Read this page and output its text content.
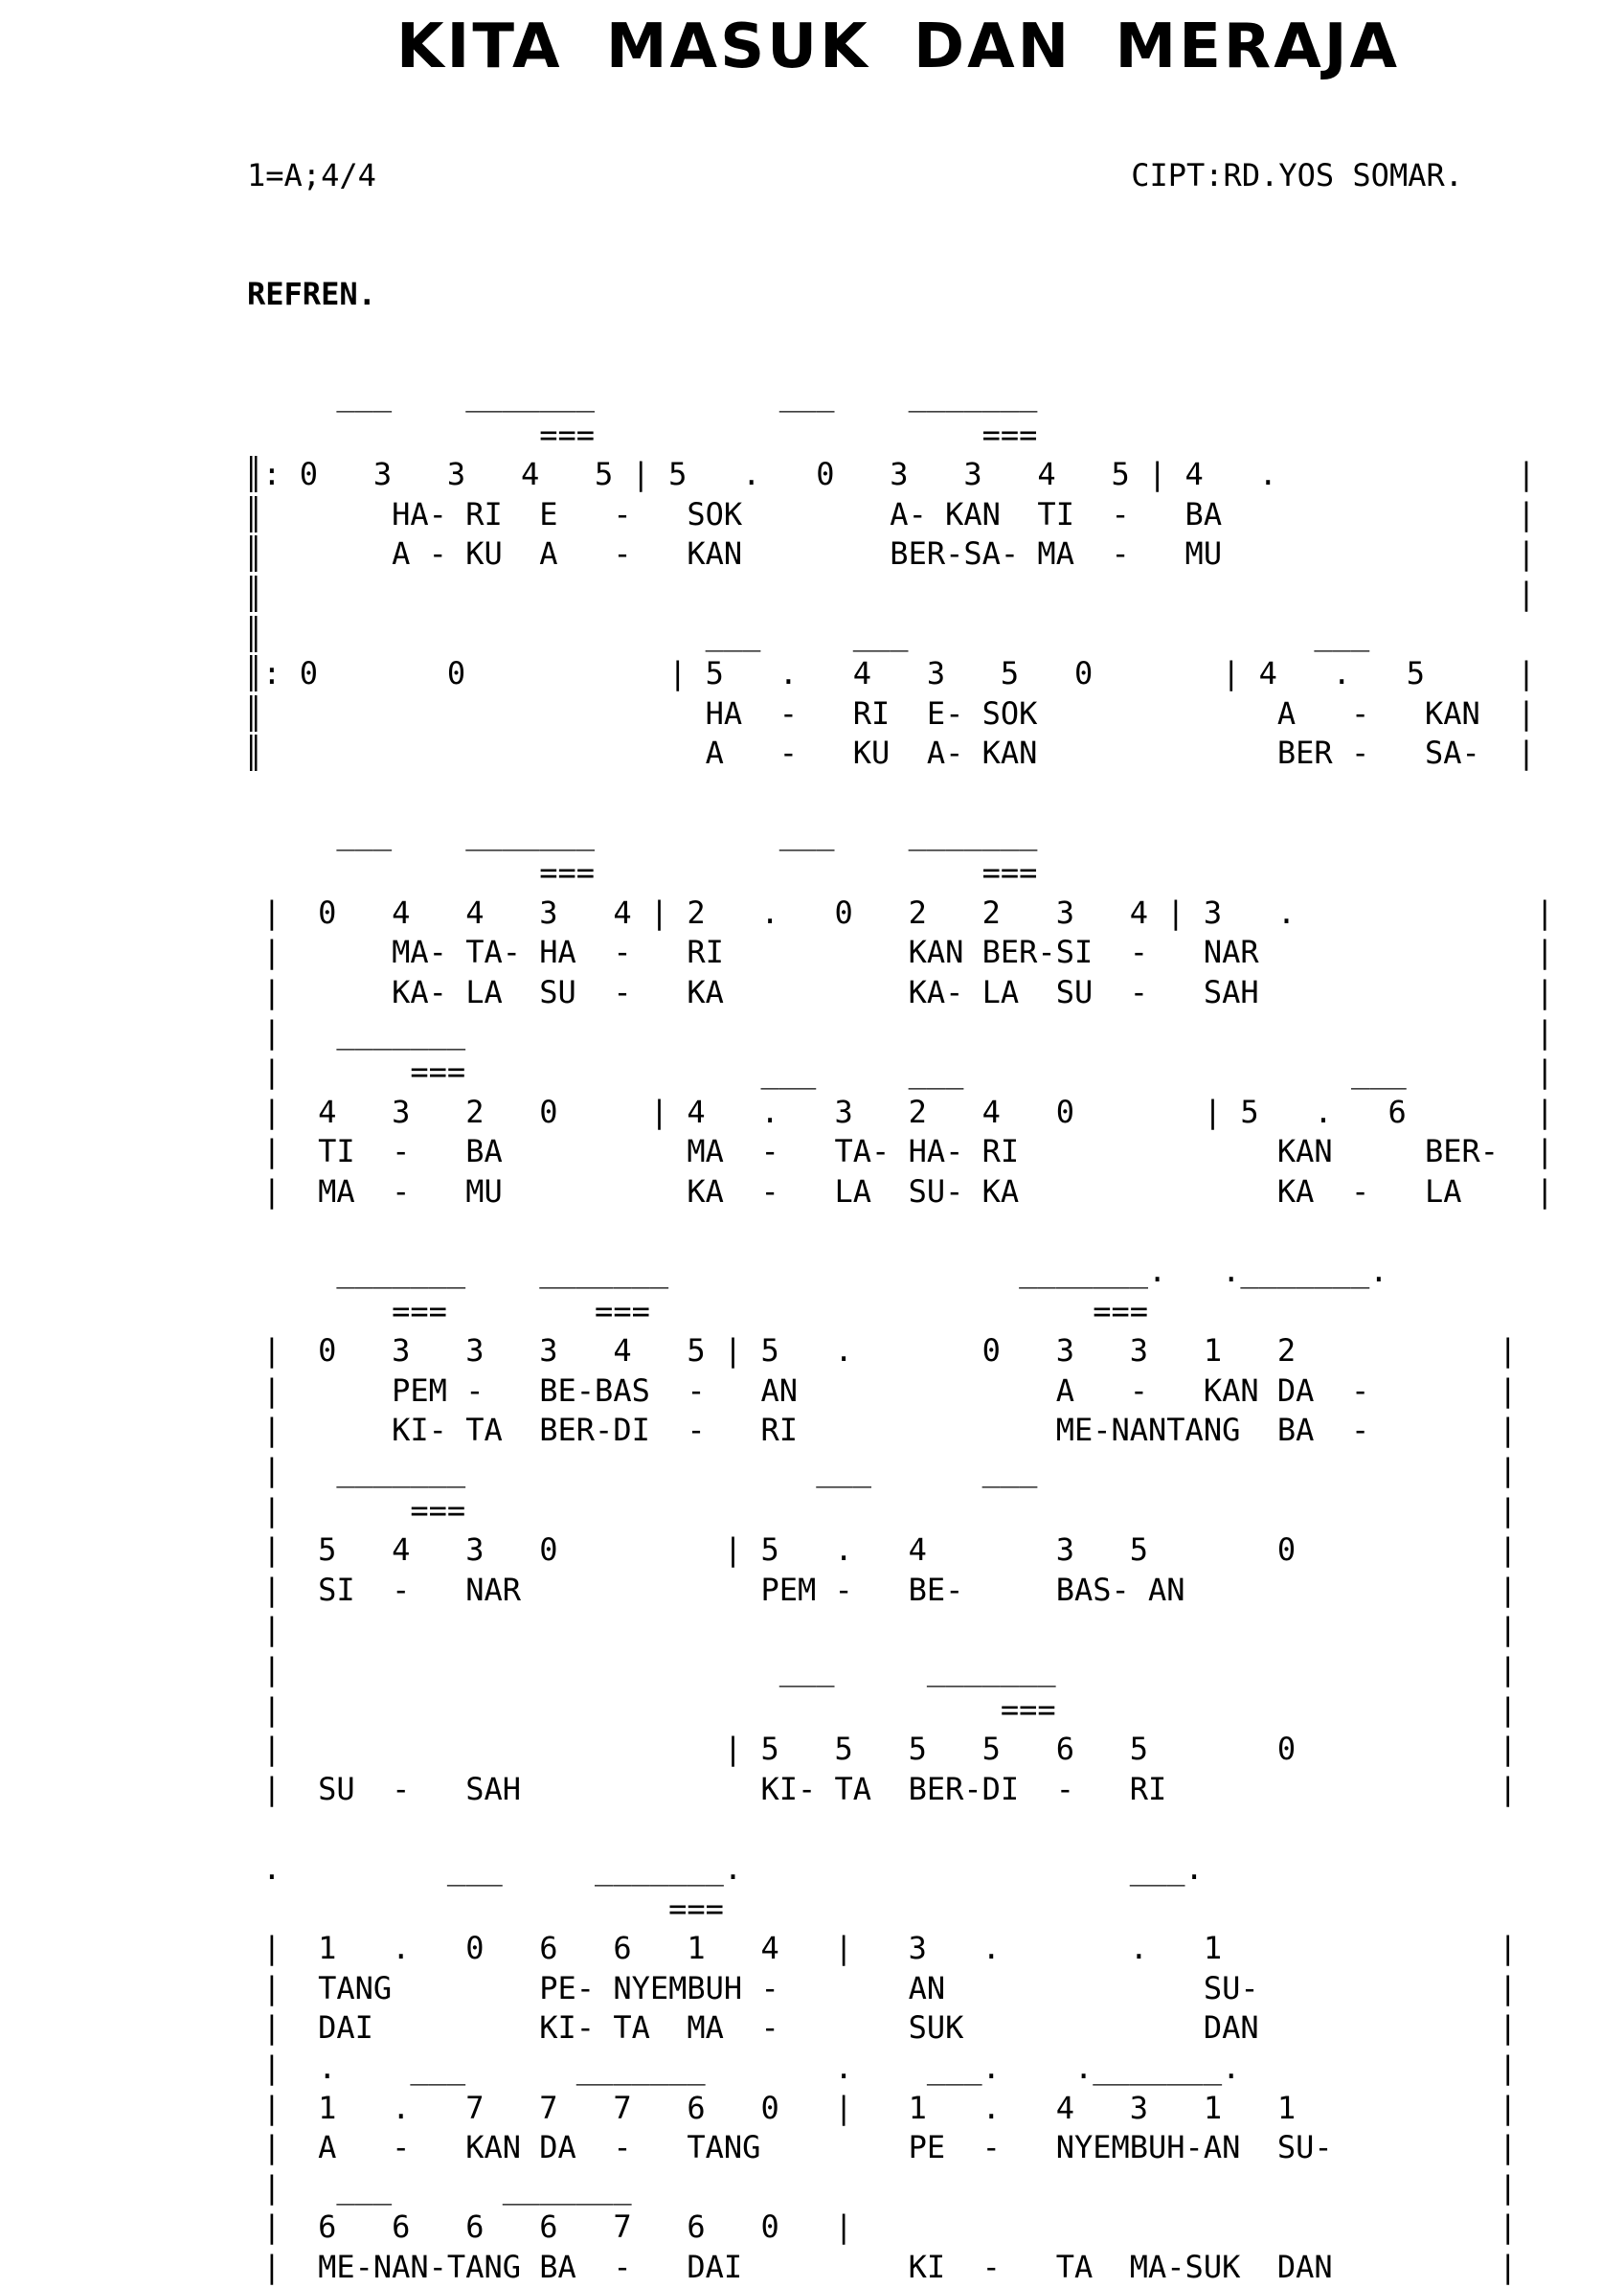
KITA MASUK DAN MERAJA
1=A;4/4	CIPT:RD.YOS SOMAR.
REFREN.
___    _______          ___    _______
===                     ===
║: 0   3   3   4   5 | 5   .   0   3   3   4   5 | 4   .             |
║       HA- RI  E   -   SOK        A- KAN  TI  -   BA                |
║       A - KU  A   -   KAN        BER-SA- MA  -   MU                |
║                                                                    |
║                        ___     ___                      ___
║: 0       0           | 5   .   4   3   5   0       | 4   .   5     |
║                        HA  -   RI  E- SOK             A   -   KAN  |
║                        A   -   KU  A- KAN             BER -   SA-  |

___    _______          ___    _______
===                     ===
|  0   4   4   3   4 | 2   .   0   2   2   3   4 | 3   .             |
|      MA- TA- HA  -   RI          KAN BER-SI  -   NAR               |
|      KA- LA  SU  -   KA          KA- LA  SU  -   SAH               |
|   _______                                                          |
|       ===                ___     ___                     ___       |
|  4   3   2   0     | 4   .   3   2   4   0       | 5   .   6       |
|  TI  -   BA          MA  -   TA- HA- RI              KAN     BER-  |
|  MA  -   MU          KA  -   LA  SU- KA              KA  -   LA    |

_______    _______                   _______.   ._______.
===        ===                        ===
|  0   3   3   3   4   5 | 5   .       0   3   3   1   2           |
|      PEM -   BE-BAS  -   AN              A   -   KAN DA  -       |
|      KI- TA  BER-DI  -   RI              ME-NANTANG  BA  -       |
|   _______                   ___      ___                         |
|       ===                                                        |
|  5   4   3   0         | 5   .   4       3   5       0           |
|  SI  -   NAR             PEM -   BE-     BAS- AN                 |
|                                                                  |
|                           ___     _______                        |
|                                       ===                        |
|                        | 5   5   5   5   6   5       0           |
|  SU  -   SAH             KI- TA  BER-DI  -   RI                  |

.         ___     _______.                     ___.
===
|  1   .   0   6   6   1   4   |   3   .       .   1               |
|  TANG        PE- NYEMBUH -       AN              SU-             |
|  DAI         KI- TA  MA  -       SUK             DAN             |
|  .    ___      _______       .    ___.    ._______.              |
|  1   .   7   7   7   6   0   |   1   .   4   3   1   1           |
|  A   -   KAN DA  -   TANG        PE  -   NYEMBUH-AN  SU-         |
|   ___      _______                                               |
|  6   6   6   6   7   6   0   |                                   |
|  ME-NAN-TANG BA  -   DAI         KI  -   TA  MA-SUK  DAN         |
